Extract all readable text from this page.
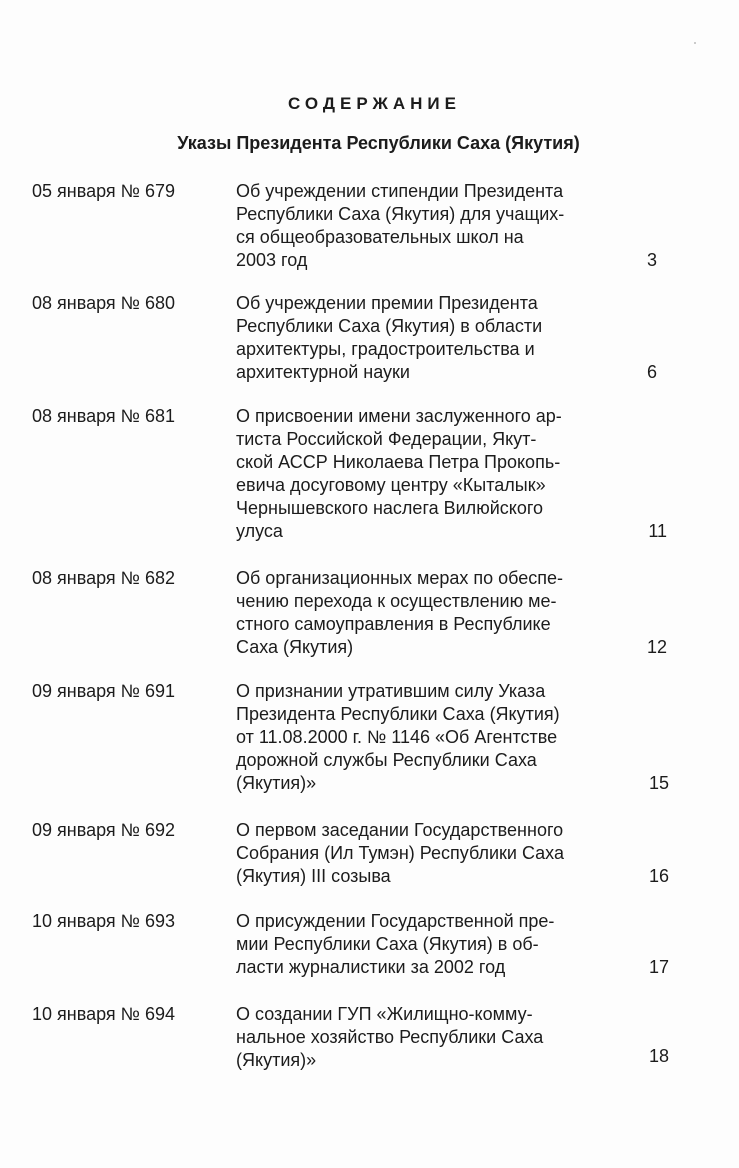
СОДЕРЖАНИЕ
Указы Президента Республики Саха (Якутия)
05 января № 679	Об учреждении стипендии Президента
Республики Саха (Якутия) для учащих-
ся общеобразовательных школ на
2003 год	3
08 января № 680	Об учреждении премии Президента
Республики Саха (Якутия) в области
архитектуры, градостроительства и
архитектурной науки	6
08 января № 681	О присвоении имени заслуженного ар-
тиста Российской Федерации, Якут-
ской АССР Николаева Петра Прокопь-
евича досуговому центру «Кыталык»
Чернышевского наслега Вилюйского
улуса	11
08 января № 682	Об организационных мерах по обеспе-
чению перехода к осуществлению ме-
стного самоуправления в Республике
Саха (Якутия)	12
09 января № 691	О признании утратившим силу Указа
Президента Республики Саха (Якутия)
от 11.08.2000 г. № 1146 «Об Агентстве
дорожной службы Республики Саха
(Якутия)»	15
09 января № 692	О первом заседании Государственного
Собрания (Ил Тумэн) Республики Саха
(Якутия) III созыва	16
10 января № 693	О присуждении Государственной пре-
мии Республики Саха (Якутия) в об-
ласти журналистики за 2002 год	17
10 января № 694	О создании ГУП «Жилищно-комму-
нальное хозяйство Республики Саха
(Якутия)»	18
